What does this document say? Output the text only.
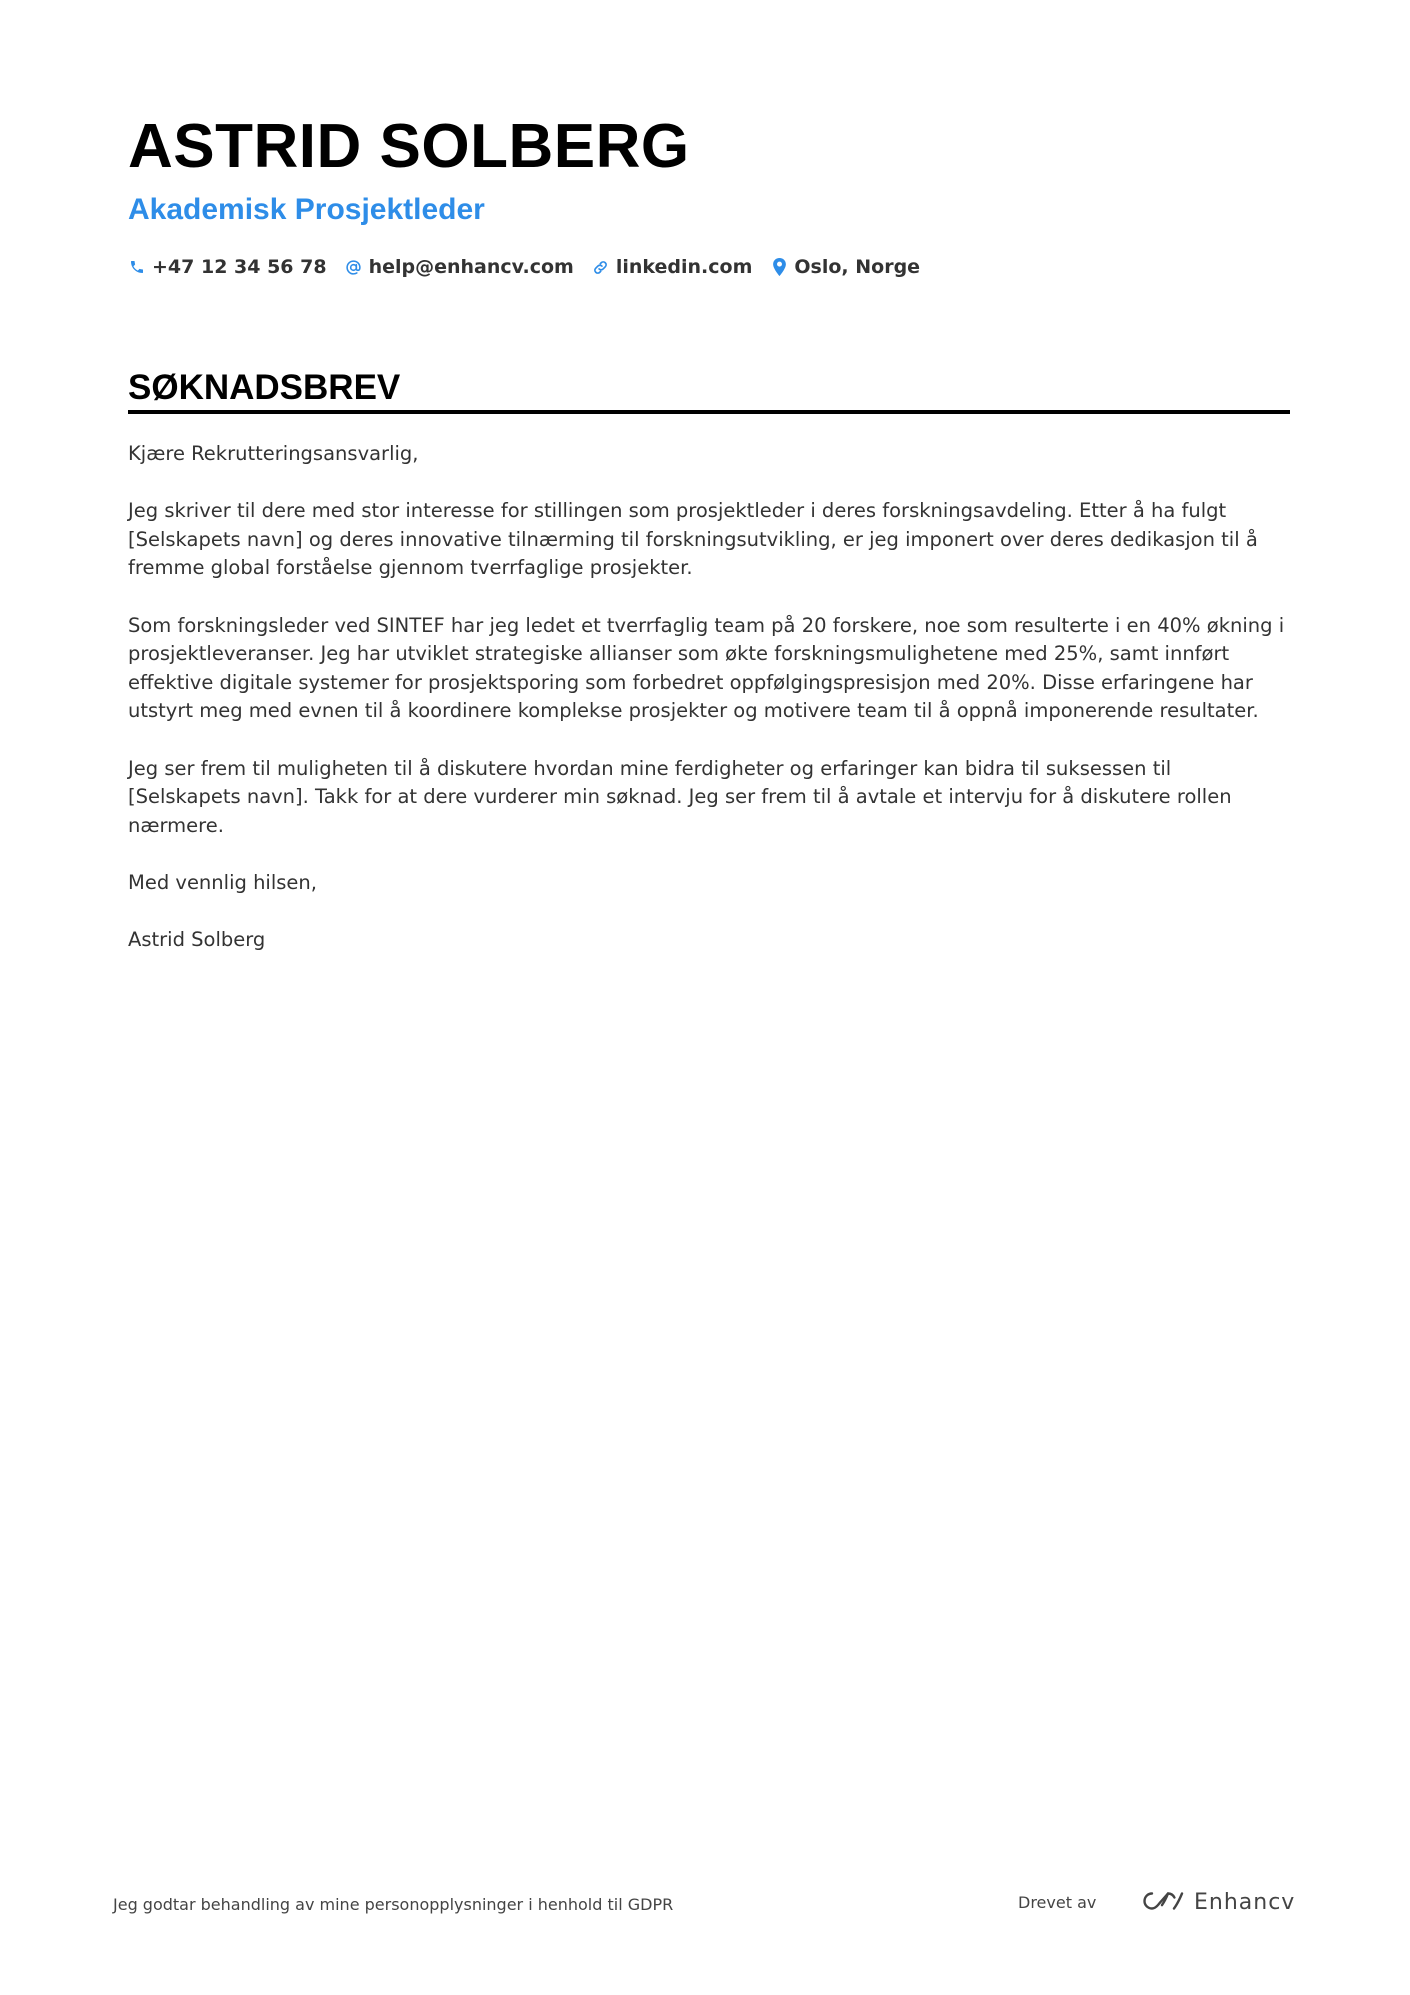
ASTRID SOLBERG
Akademisk Prosjektleder
+47 12 34 56 78 help@enhancv.com linkedin.com Oslo, Norge
SØKNADSBREV

Kjære Rekrutteringsansvarlig,

Jeg skriver til dere med stor interesse for stillingen som prosjektleder i deres forskningsavdeling. Etter å ha fulgt [Selskapets navn] og deres innovative tilnærming til forskningsutvikling, er jeg imponert over deres dedikasjon til å fremme global forståelse gjennom tverrfaglige prosjekter.

Som forskningsleder ved SINTEF har jeg ledet et tverrfaglig team på 20 forskere, noe som resulterte i en 40% økning i prosjektleveranser. Jeg har utviklet strategiske allianser som økte forskningsmulighetene med 25%, samt innført effektive digitale systemer for prosjektsporing som forbedret oppfølgingspresisjon med 20%. Disse erfaringene har utstyrt meg med evnen til å koordinere komplekse prosjekter og motivere team til å oppnå imponerende resultater.

Jeg ser frem til muligheten til å diskutere hvordan mine ferdigheter og erfaringer kan bidra til suksessen til [Selskapets navn]. Takk for at dere vurderer min søknad. Jeg ser frem til å avtale et intervju for å diskutere rollen nærmere.

Med vennlig hilsen,

Astrid Solberg

Jeg godtar behandling av mine personopplysninger i henhold til GDPR	Drevet av	Enhancv
